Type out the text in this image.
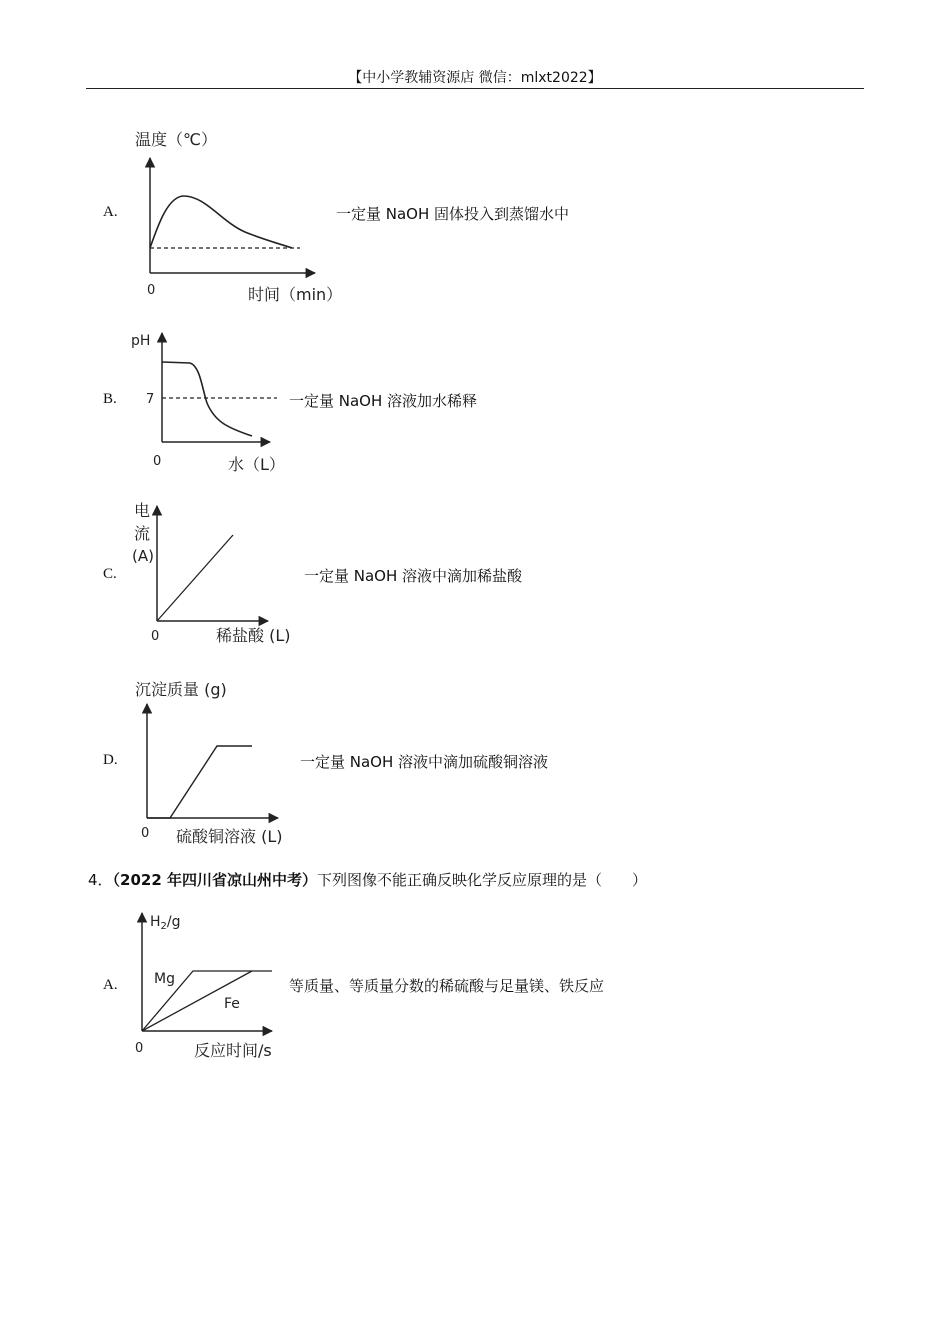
【中小学教辅资源店 微信：mlxt2022】
A.	一定量 NaOH 固体投入到蒸馏水中
B.	一定量 NaOH 溶液加水稀释
C.	一定量 NaOH 溶液中滴加稀盐酸
D.	一定量 NaOH 溶液中滴加硫酸铜溶液
4．（2022 年四川省凉山州中考）下列图像不能正确反映化学反应原理的是（　　）
A.	等质量、等质量分数的稀硫酸与足量镁、铁反应
温度（℃）
0	时间（min）
pH
7
0	水（L）
电
流
(A)
0	稀盐酸 (L)
沉淀质量 (g)
0 硫酸铜溶液 (L)
$H_2/g$
Mg
Fe
0	反应时间/s
